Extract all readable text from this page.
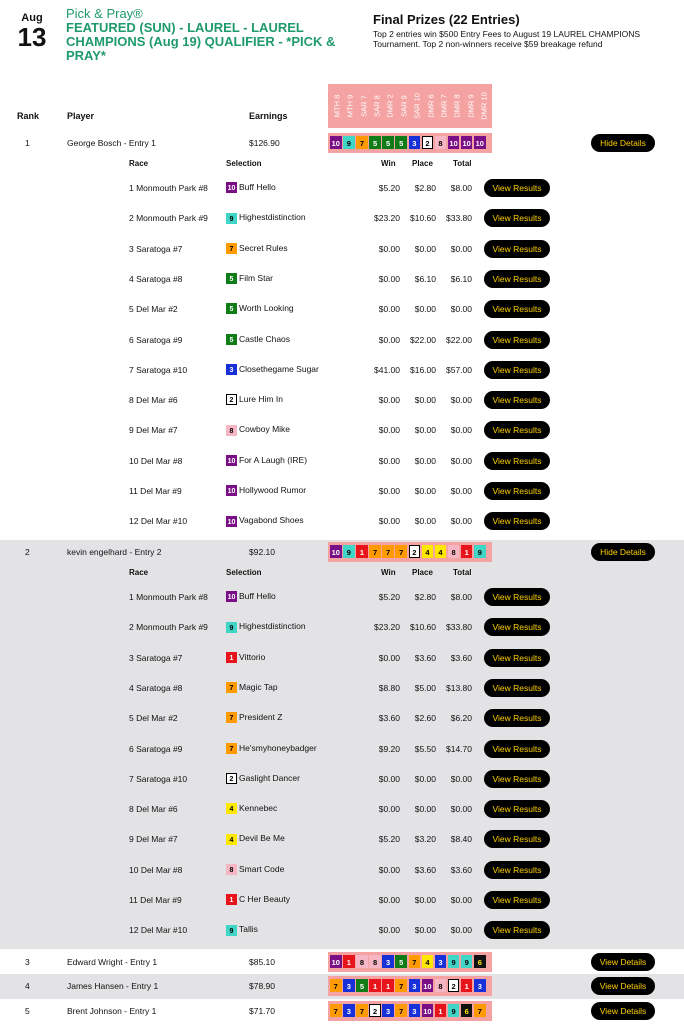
Aug
13
Pick & Pray®
FEATURED (SUN) - LAUREL - LAUREL CHAMPIONS (Aug 19) QUALIFIER - *PICK & PRAY*
Final Prizes (22 Entries)
Top 2 entries win $500 Entry Fees to August 19 LAUREL CHAMPIONS Tournament. Top 2 non-winners receive $59 breakage refund
Rank	Player	Earnings	MTH 8 MTH 9 SAR 7 SAR 8 DMR 2 SAR 9 SAR 10 DMR 6 DMR 7 DMR 8 DMR 9 DMR 10
1	George Bosch - Entry 1	$126.90	10 9 7 5 5 5 3 2 8 10 10 10	Hide Details
Race	Selection	Win Place	Total
1 Monmouth Park #8	10 Buff Hello	$5.20	$2.80	$8.00	View Results
2 Monmouth Park #9	9 Highestdistinction	$23.20	$10.60	$33.80	View Results
3 Saratoga #7	7 Secret Rules	$0.00	$0.00	$0.00	View Results
4 Saratoga #8	5 Film Star	$0.00	$6.10	$6.10	View Results
5 Del Mar #2	5 Worth Looking	$0.00	$0.00	$0.00	View Results
6 Saratoga #9	5 Castle Chaos	$0.00	$22.00	$22.00	View Results
7 Saratoga #10	3 Closethegame Sugar	$41.00	$16.00	$57.00	View Results
8 Del Mar #6	2 Lure Him In	$0.00	$0.00	$0.00	View Results
9 Del Mar #7	8 Cowboy Mike	$0.00	$0.00	$0.00	View Results
10 Del Mar #8	10 For A Laugh (IRE)	$0.00	$0.00	$0.00	View Results
11 Del Mar #9	10 Hollywood Rumor	$0.00	$0.00	$0.00	View Results
12 Del Mar #10	10 Vagabond Shoes	$0.00	$0.00	$0.00	View Results
2	kevin engelhard - Entry 2	$92.10	10 9 1 7 7 7 2 4 4 8 1 9	Hide Details
Race	Selection	Win Place	Total
1 Monmouth Park #8	10 Buff Hello	$5.20	$2.80	$8.00	View Results
2 Monmouth Park #9	9 Highestdistinction	$23.20	$10.60	$33.80	View Results
3 Saratoga #7	1 Vittorio	$0.00	$3.60	$3.60	View Results
4 Saratoga #8	7 Magic Tap	$8.80	$5.00	$13.80	View Results
5 Del Mar #2	7 President Z	$3.60	$2.60	$6.20	View Results
6 Saratoga #9	7 He'smyhoneybadger	$9.20	$5.50	$14.70	View Results
7 Saratoga #10	2 Gaslight Dancer	$0.00	$0.00	$0.00	View Results
8 Del Mar #6	4 Kennebec	$0.00	$0.00	$0.00	View Results
9 Del Mar #7	4 Devil Be Me	$5.20	$3.20	$8.40	View Results
10 Del Mar #8	8 Smart Code	$0.00	$3.60	$3.60	View Results
11 Del Mar #9	1 C Her Beauty	$0.00	$0.00	$0.00	View Results
12 Del Mar #10	9 Tallis	$0.00	$0.00	$0.00	View Results
3	Edward Wright - Entry 1	$85.10	10 1 8 8 3 5 7 4 3 9 9 6	View Details
4	James Hansen - Entry 1	$78.90	7 3 5 1 1 7 3 10 8 2 1 3	View Details
5	Brent Johnson - Entry 1	$71.70	7 3 7 2 3 7 3 10 1 9 6 7	View Details
